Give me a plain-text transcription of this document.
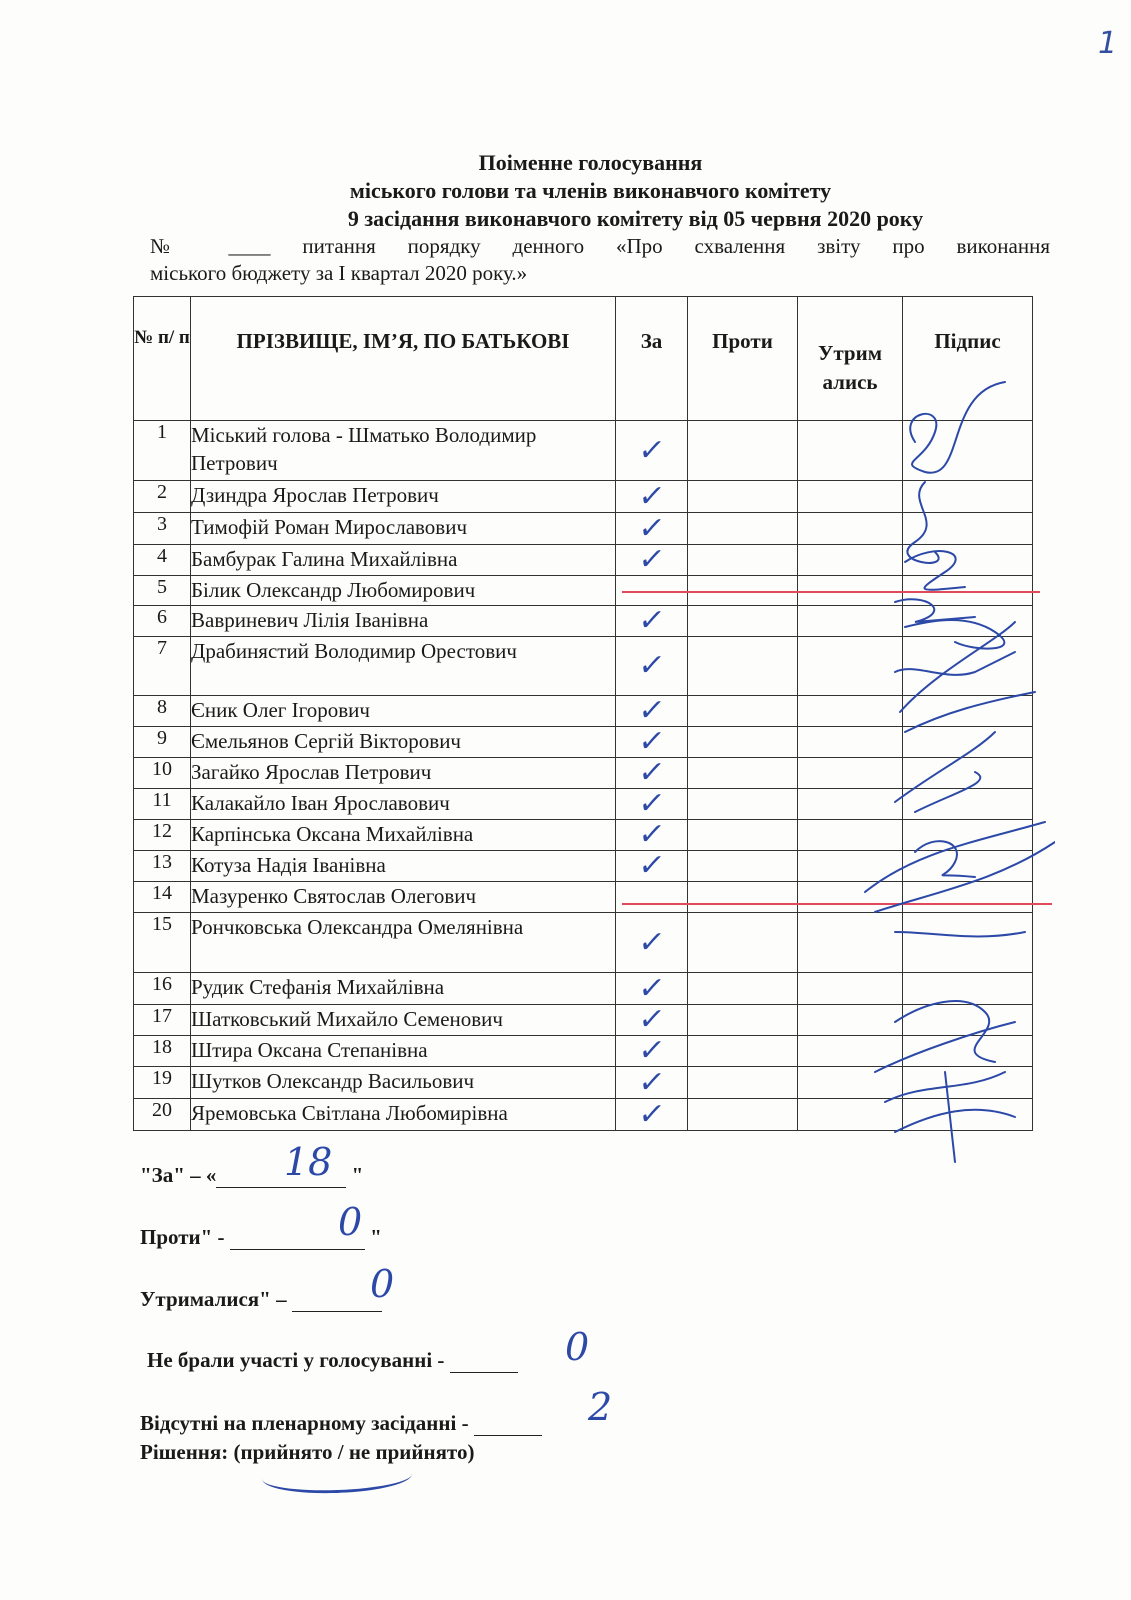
1
Поіменне голосування
міського голови та членів виконавчого комітету
9 засідання виконавчого комітету від 05 червня 2020 року
№ ____ питання порядку денного «Про схвалення звіту про виконання
міського бюджету за І квартал 2020 року.»
№ п/ п	ПРІЗВИЩЕ, ІМ’Я, ПО БАТЬКОВІ	За	Проти	Утрим ались	Підпис
1	Міський голова - Шматько Володимир Петрович	✓			
2	Дзиндра Ярослав Петрович	✓			
3	Тимофій Роман Мирославович	✓			
4	Бамбурак Галина Михайлівна	✓			
5	Білик Олександр Любомирович				
6	Вавриневич Лілія Іванівна	✓			
7	Драбинястий Володимир Орестович	✓			
8	Єник Олег Ігорович	✓			
9	Ємельянов Сергій Вікторович	✓			
10	Загайко Ярослав Петрович	✓			
11	Калакайло Іван Ярославович	✓			
12	Карпінська Оксана Михайлівна	✓			
13	Котуза Надія Іванівна	✓			
14	Мазуренко Святослав Олегович				
15	Рончковська Олександра Омелянівна	✓			
16	Рудик Стефанія Михайлівна	✓			
17	Шатковський Михайло Семенович	✓			
18	Штира Оксана Степанівна	✓			
19	Шутков Олександр Васильович	✓			
20	Яремовська Світлана Любомирівна	✓			
"За" – «	"
18
Проти" -	"
0
Утрималися" –	0
Не брали участі у голосуванні -	0
Відсутні на пленарному засіданні -	2
Рішення: (прийнято / не прийнято)
